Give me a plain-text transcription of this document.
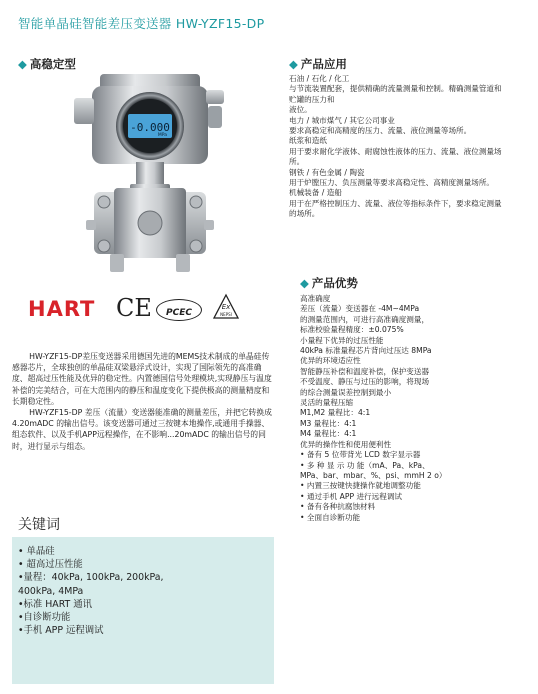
智能单晶硅智能差压变送器 HW-YZF15-DP
◆ 高稳定型
-0.000
MPa
HART CE	PCEC
Ex
NEPSI

HW-YZF15-DP差压变送器采用德国先进的MEMS技术制成的单晶硅传感器芯片，全球独创的单晶硅双梁悬浮式设计，实现了国际领先的高准确度、超高过压性能及优异的稳定性。内置德国信号处理模块,实现静压与温度补偿的完美结合，可在大范围内的静压和温度变化下提供极高的测量精度和长期稳定性。

HW-YZF15-DP 差压（流量）变送器能准确的测量差压，并把它转换成 4.20mADC 的输出信号。该变送器可通过三按键本地操作,或通用手操器、组态软件、以及手机APP远程操作，在不影响...20mADC 的输出信号的同时，进行显示与组态。

关键词
• 单晶硅
• 超高过压性能
•量程：40kPa, 100kPa, 200kPa,
400kPa, 4MPa
•标准 HART 通讯
•自诊断功能
•手机 APP 远程调试
◆ 产品应用
石油 / 石化 / 化工
与节流装置配套，提供精确的流量测量和控制。精确测量管道和
贮罐的压力和
液位。
电力 / 城市煤气 / 其它公司事业
要求高稳定和高精度的压力、流量、液位测量等场所。
纸浆和造纸
用于要求耐化学液体、耐腐蚀性液体的压力、流量、液位测量场
所。
钢铁 / 有色金属 / 陶瓷
用于炉膛压力、负压测量等要求高稳定性、高精度测量场所。
机械装备 / 造船
用于在严格控制压力、流量、液位等指标条件下，要求稳定测量
的场所。
◆ 产品优势
高准确度
差压（流量）变送器在 -4M~4MPa
的测量范围内，可进行高准确度测量，
标准校验量程精度：±0.075%
小量程下优异的过压性能
40kPa 标准量程芯片背向过压达 8MPa
优异的环境适应性
智能静压补偿和温度补偿，保护变送器
不受温度、静压与过压的影响，将现场
的综合测量误差控制到最小
灵活的量程压缩
M1,M2 量程比：4:1
M3 量程比：4:1
M4 量程比：4:1
优异的操作性和使用便利性
• 备有 5 位带背光 LCD 数字显示器
• 多 种 显 示 功 能（mA、Pa、kPa、
MPa、bar、mbar、%、psi、mmH 2 o）
• 内置三按键快捷操作就地调整功能
• 通过手机 APP 进行远程调试
• 备有各种抗腐蚀材料
• 全面自诊断功能
